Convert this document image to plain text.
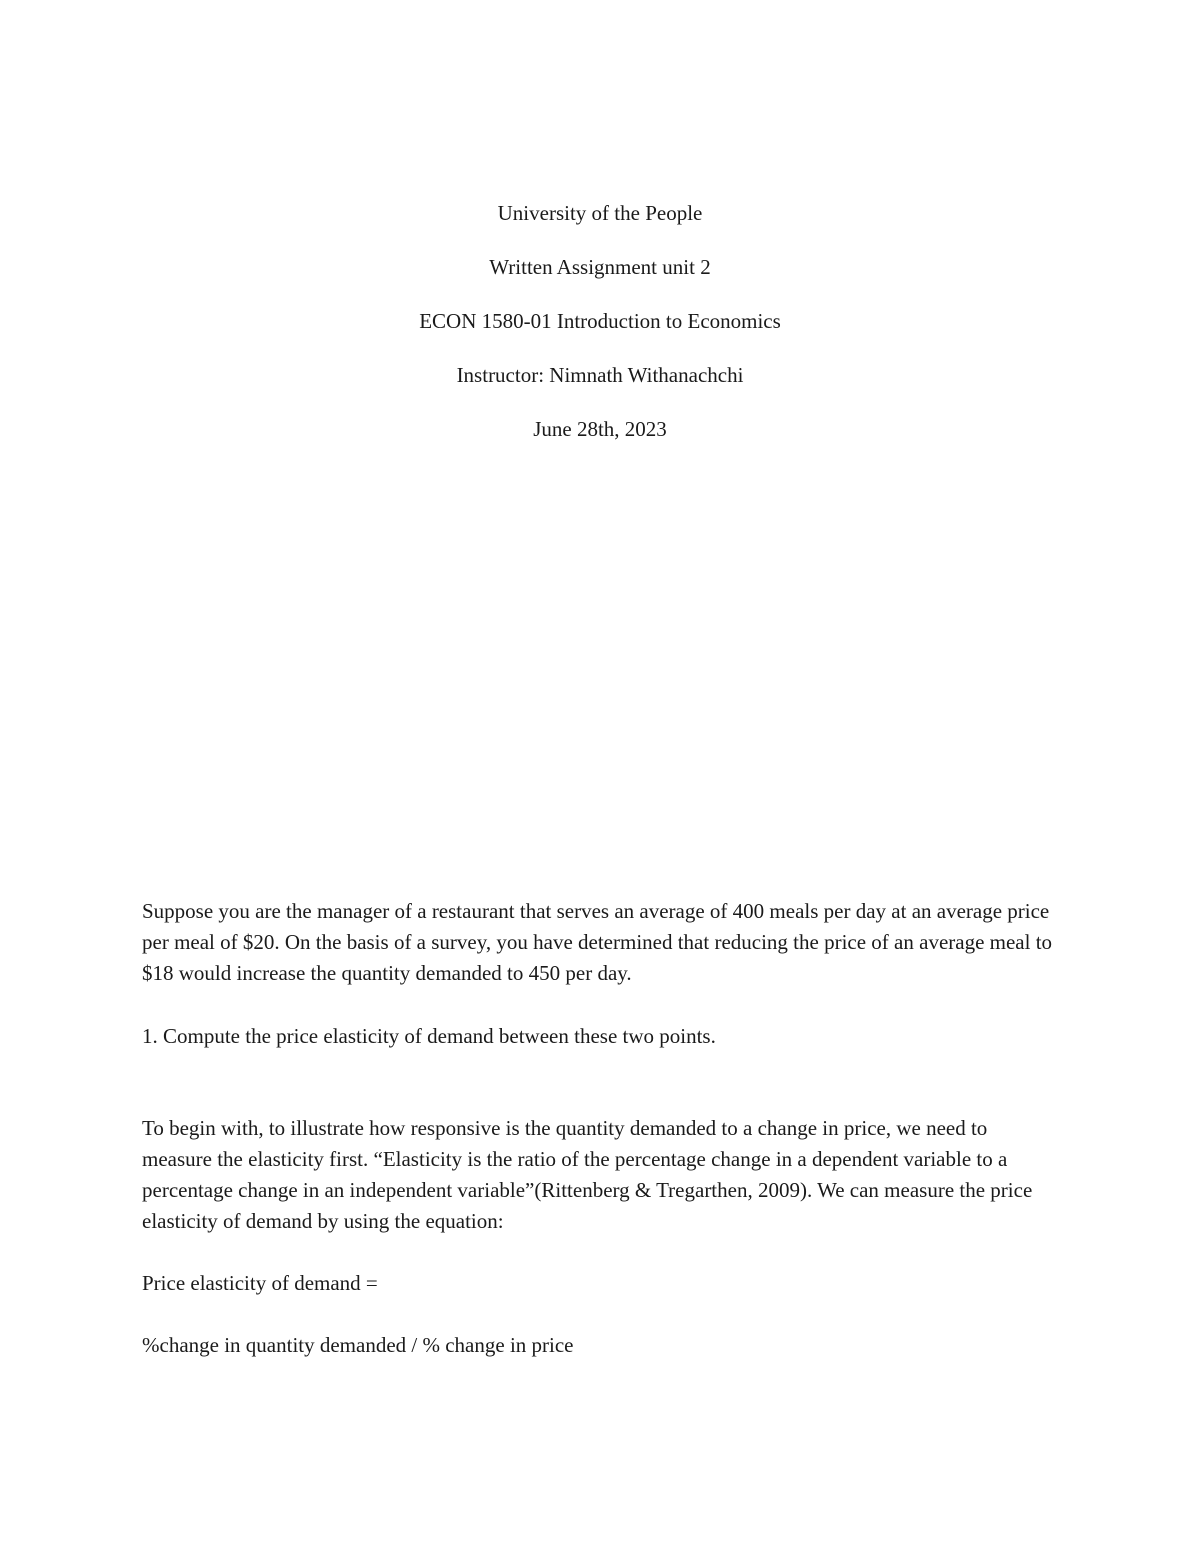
University of the People
Written Assignment unit 2
ECON 1580-01 Introduction to Economics
Instructor: Nimnath Withanachchi
June 28th, 2023

Suppose you are the manager of a restaurant that serves an average of 400 meals per day at an average price per meal of $20. On the basis of a survey, you have determined that reducing the price of an average meal to $18 would increase the quantity demanded to 450 per day.

1. Compute the price elasticity of demand between these two points.

To begin with, to illustrate how responsive is the quantity demanded to a change in price, we need to measure the elasticity first. “Elasticity is the ratio of the percentage change in a dependent variable to a percentage change in an independent variable”(Rittenberg & Tregarthen, 2009). We can measure the price elasticity of demand by using the equation:

Price elasticity of demand =

%change in quantity demanded / % change in price
